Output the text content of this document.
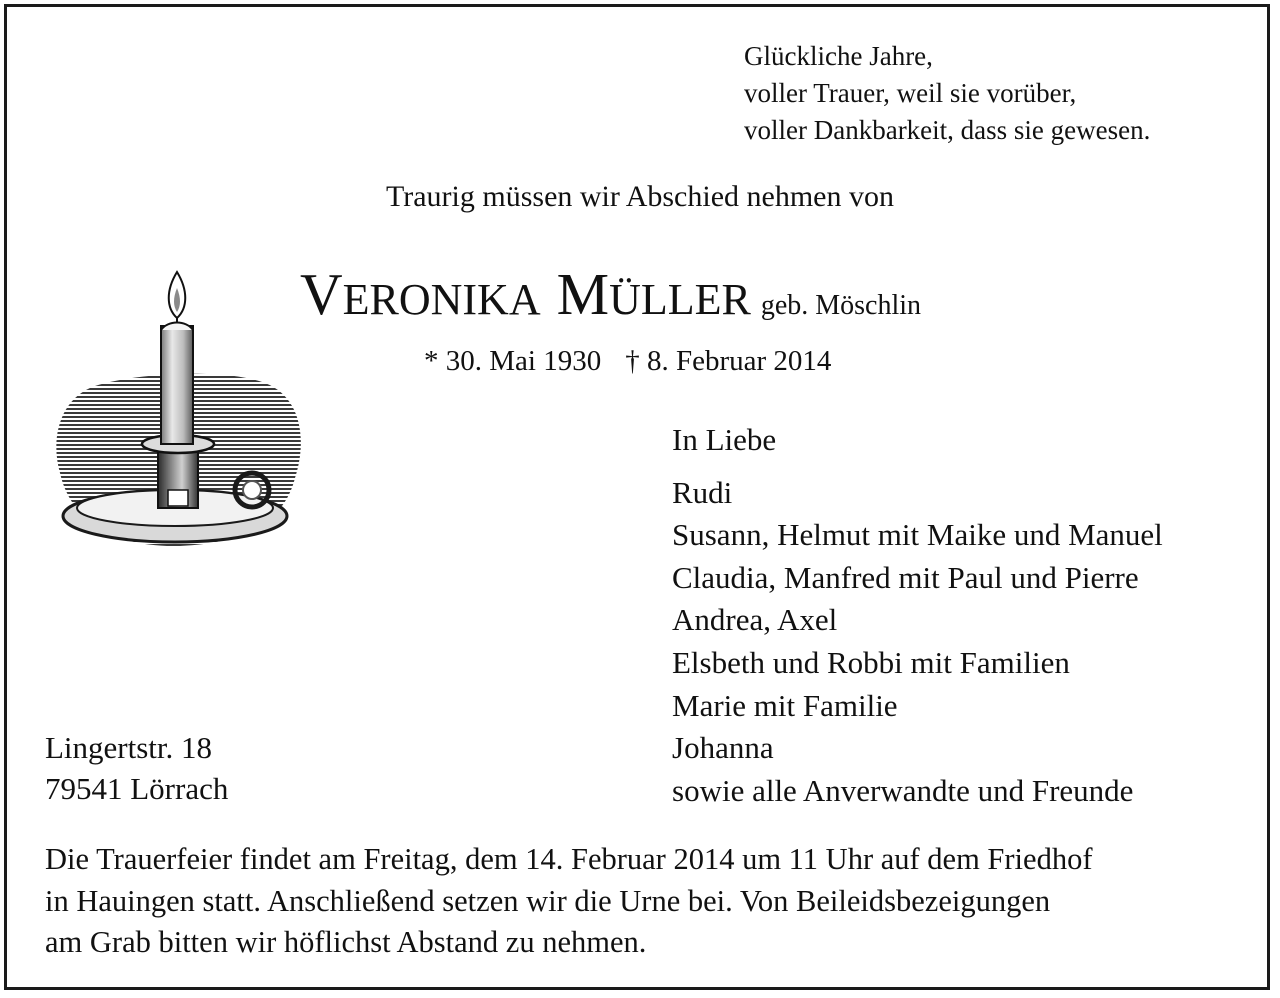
Glückliche Jahre,
voller Trauer, weil sie vorüber,
voller Dankbarkeit, dass sie gewesen.
Traurig müssen wir Abschied nehmen von
VERONIKA MÜLLER geb. Möschlin
* 30. Mai 1930 † 8. Februar 2014
In Liebe
Rudi
Susann, Helmut mit Maike und Manuel
Claudia, Manfred mit Paul und Pierre
Andrea, Axel
Elsbeth und Robbi mit Familien
Marie mit Familie
Johanna
sowie alle Anverwandte und Freunde
Lingertstr. 18
79541 Lörrach
Die Trauerfeier findet am Freitag, dem 14. Februar 2014 um 11 Uhr auf dem Friedhof
in Hauingen statt. Anschließend setzen wir die Urne bei. Von Beileidsbezeigungen
am Grab bitten wir höflichst Abstand zu nehmen.
